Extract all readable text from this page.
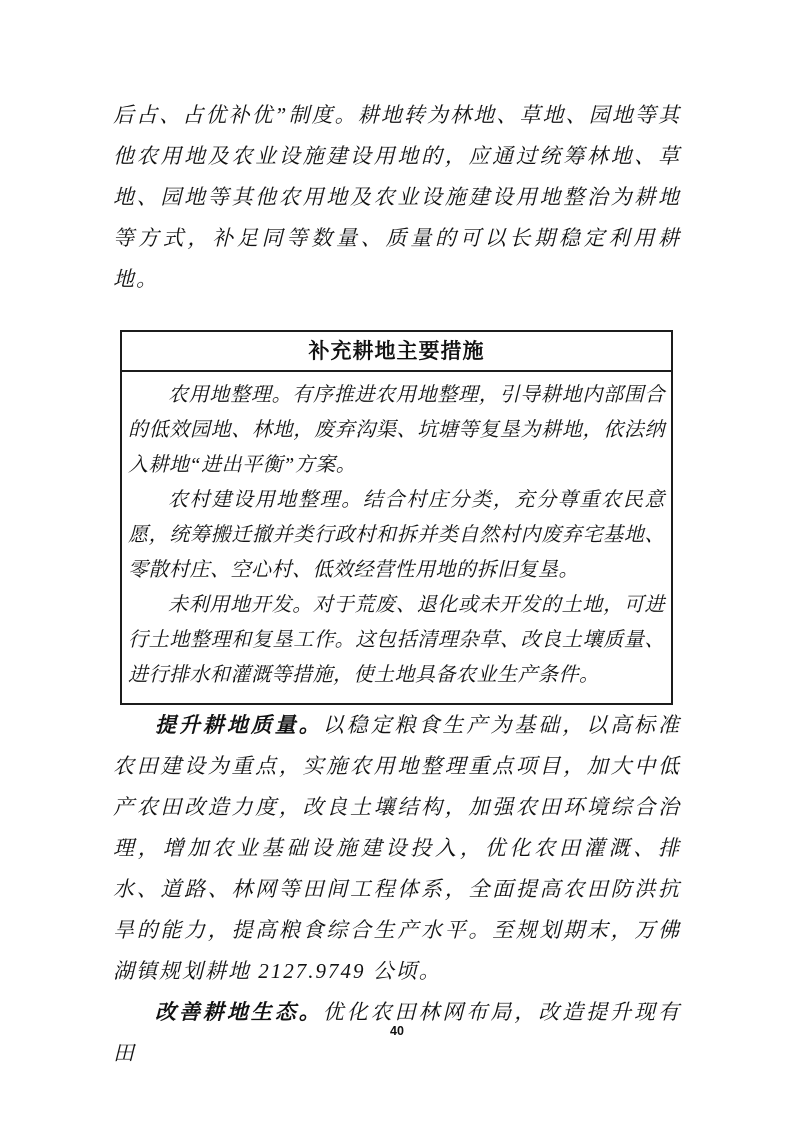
后占、占优补优”制度。耕地转为林地、草地、园地等其他农用地及农业设施建设用地的，应通过统筹林地、草地、园地等其他农用地及农业设施建设用地整治为耕地等方式，补足同等数量、质量的可以长期稳定利用耕地。

补充耕地主要措施

农用地整理。有序推进农用地整理，引导耕地内部围合的低效园地、林地，废弃沟渠、坑塘等复垦为耕地，依法纳入耕地“进出平衡”方案。

农村建设用地整理。结合村庄分类，充分尊重农民意愿，统筹搬迁撤并类行政村和拆并类自然村内废弃宅基地、零散村庄、空心村、低效经营性用地的拆旧复垦。

未利用地开发。对于荒废、退化或未开发的土地，可进行土地整理和复垦工作。这包括清理杂草、改良土壤质量、进行排水和灌溉等措施，使土地具备农业生产条件。

提升耕地质量。以稳定粮食生产为基础，以高标准农田建设为重点，实施农用地整理重点项目，加大中低产农田改造力度，改良土壤结构，加强农田环境综合治理，增加农业基础设施建设投入，优化农田灌溉、排水、道路、林网等田间工程体系，全面提高农田防洪抗旱的能力，提高粮食综合生产水平。至规划期末，万佛湖镇规划耕地 2127.9749 公顷。

改善耕地生态。优化农田林网布局，改造提升现有田

40
